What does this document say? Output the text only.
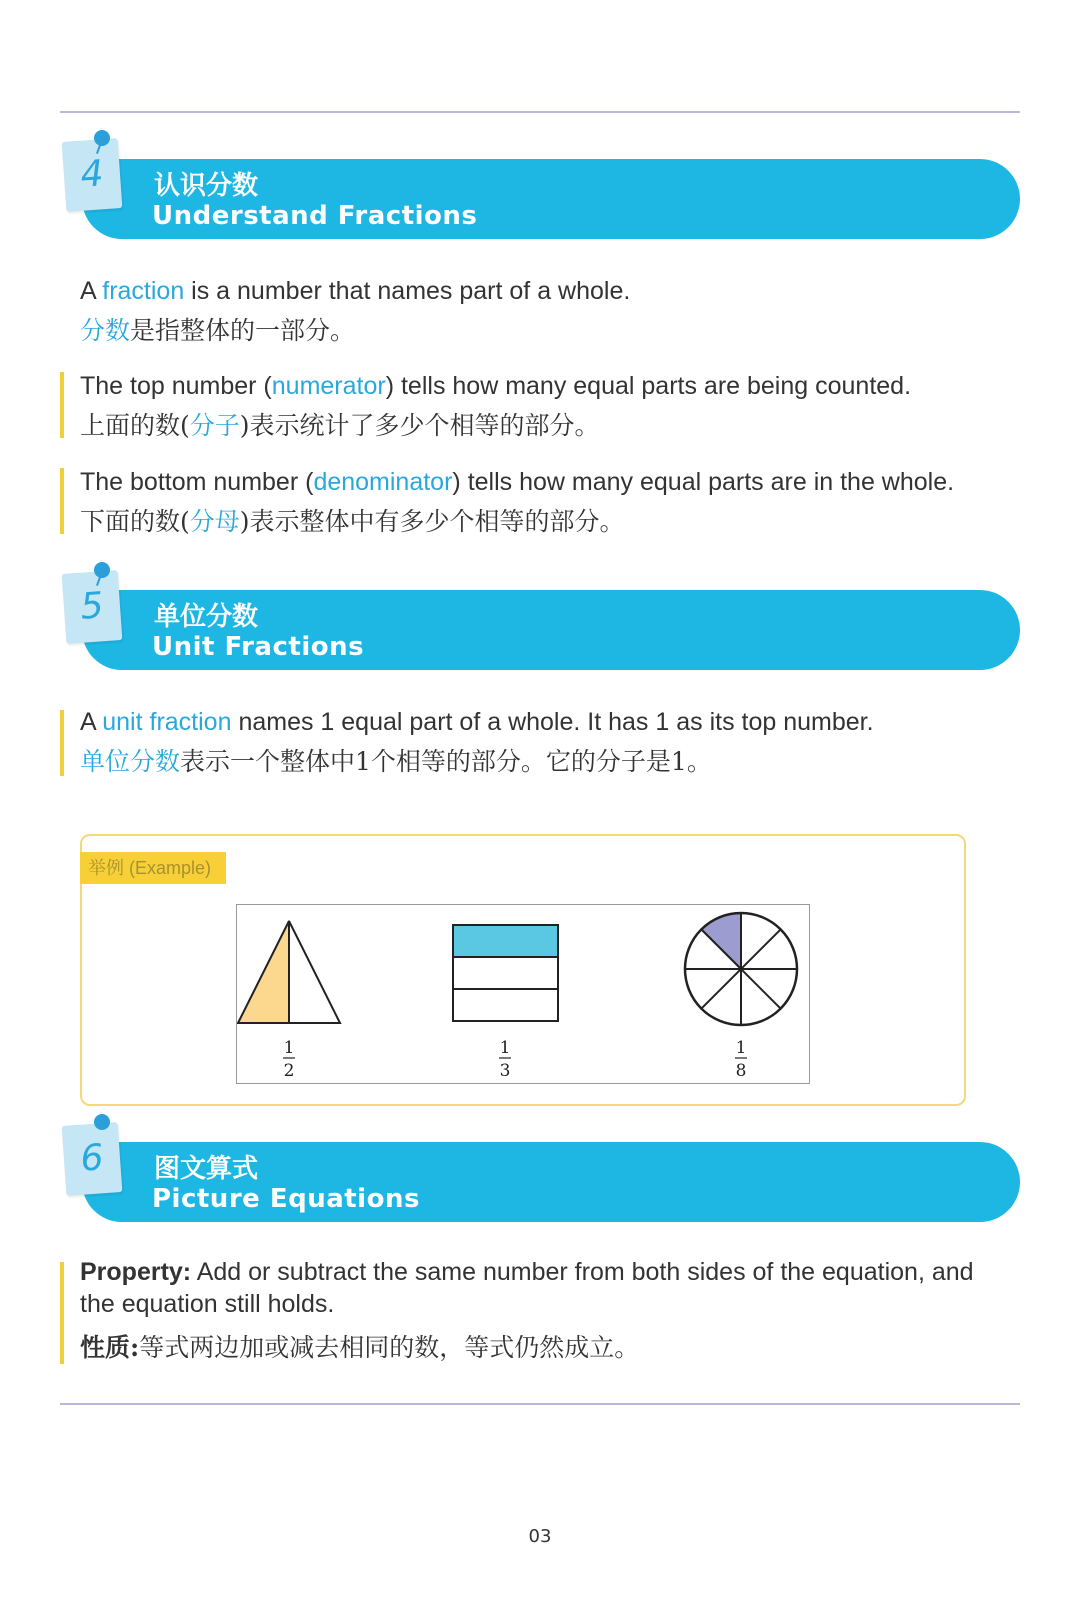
认识分数
Understand Fractions
4
A fraction is a number that names part of a whole.
分数是指整体的一部分。
The top number (numerator) tells how many equal parts are being counted.
上面的数(分子)表示统计了多少个相等的部分。
The bottom number (denominator) tells how many equal parts are in the whole.
下面的数(分母)表示整体中有多少个相等的部分。
单位分数
Unit Fractions
5
A unit fraction names 1 equal part of a whole. It has 1 as its top number.
单位分数表示一个整体中1个相等的部分。它的分子是1。
举例 (Example)
1
2
1
3
1
8
图文算式
Picture Equations
6
Property: Add or subtract the same number from both sides of the equation, and
the equation still holds.
性质:等式两边加或减去相同的数，等式仍然成立。
03
